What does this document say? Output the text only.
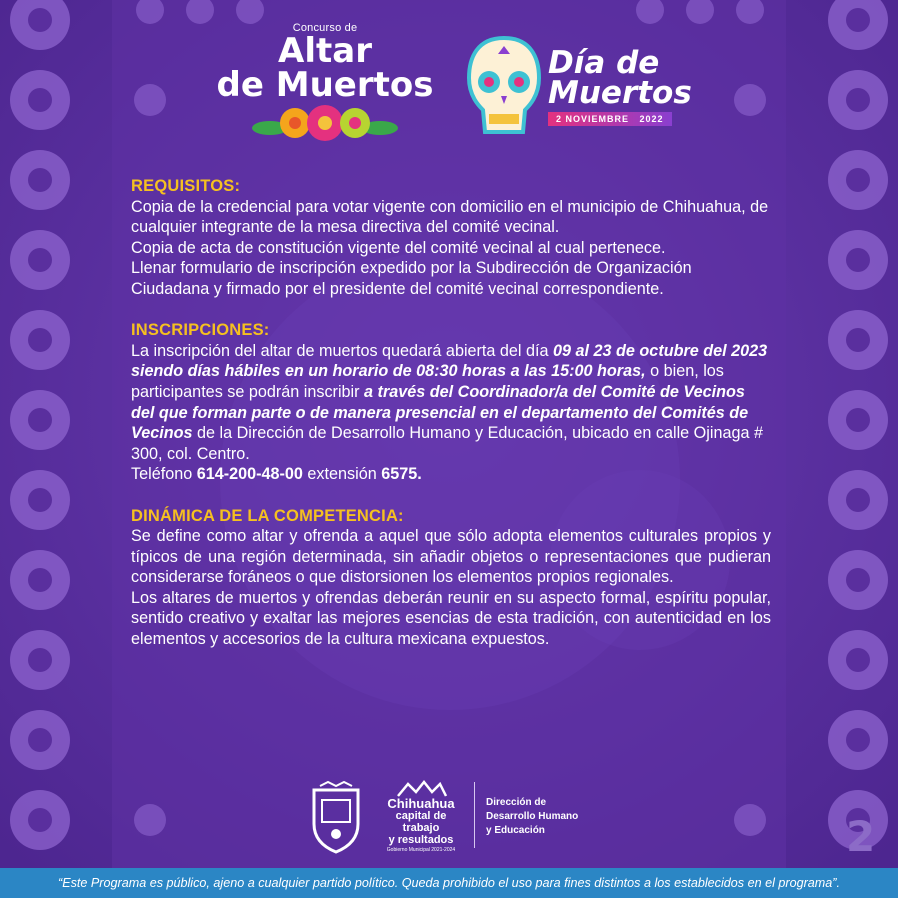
Concurso de
Altar
de Muertos
Día de
Muertos
2 NOVIEMBRE 2022
REQUISITOS:
Copia de la credencial para votar vigente con domicilio en el municipio de Chihuahua, de cualquier integrante de la mesa directiva del comité vecinal.
Copia de acta de constitución vigente del comité vecinal al cual pertenece.
Llenar formulario de inscripción expedido por la Subdirección de Organización Ciudadana y firmado por el presidente del comité vecinal correspondiente.
INSCRIPCIONES:
La inscripción del altar de muertos quedará abierta del día 09 al 23 de octubre del 2023 siendo días hábiles en un horario de 08:30 horas a las 15:00 horas, o bien, los participantes se podrán inscribir a través del Coordinador/a del Comité de Vecinos del que forman parte o de manera presencial en el departamento del Comités de Vecinos de la Dirección de Desarrollo Humano y Educación, ubicado en calle Ojinaga # 300, col. Centro.
Teléfono 614-200-48-00 extensión 6575.
DINÁMICA DE LA COMPETENCIA:
Se define como altar y ofrenda a aquel que sólo adopta elementos culturales propios y típicos de una región determinada, sin añadir objetos o representaciones que pudieran considerarse foráneos o que distorsionen los elementos propios regionales.
Los altares de muertos y ofrendas deberán reunir en su aspecto formal, espíritu popular, sentido creativo y exaltar las mejores esencias de esta tradición, con autenticidad en los elementos y accesorios de la cultura mexicana expuestos.
Chihuahua
capital de trabajo
y resultados
Gobierno Municipal 2021-2024
Dirección de
Desarrollo Humano
y Educación	2
“Este Programa es público, ajeno a cualquier partido político. Queda prohibido el uso para fines distintos a los establecidos en el programa”.
